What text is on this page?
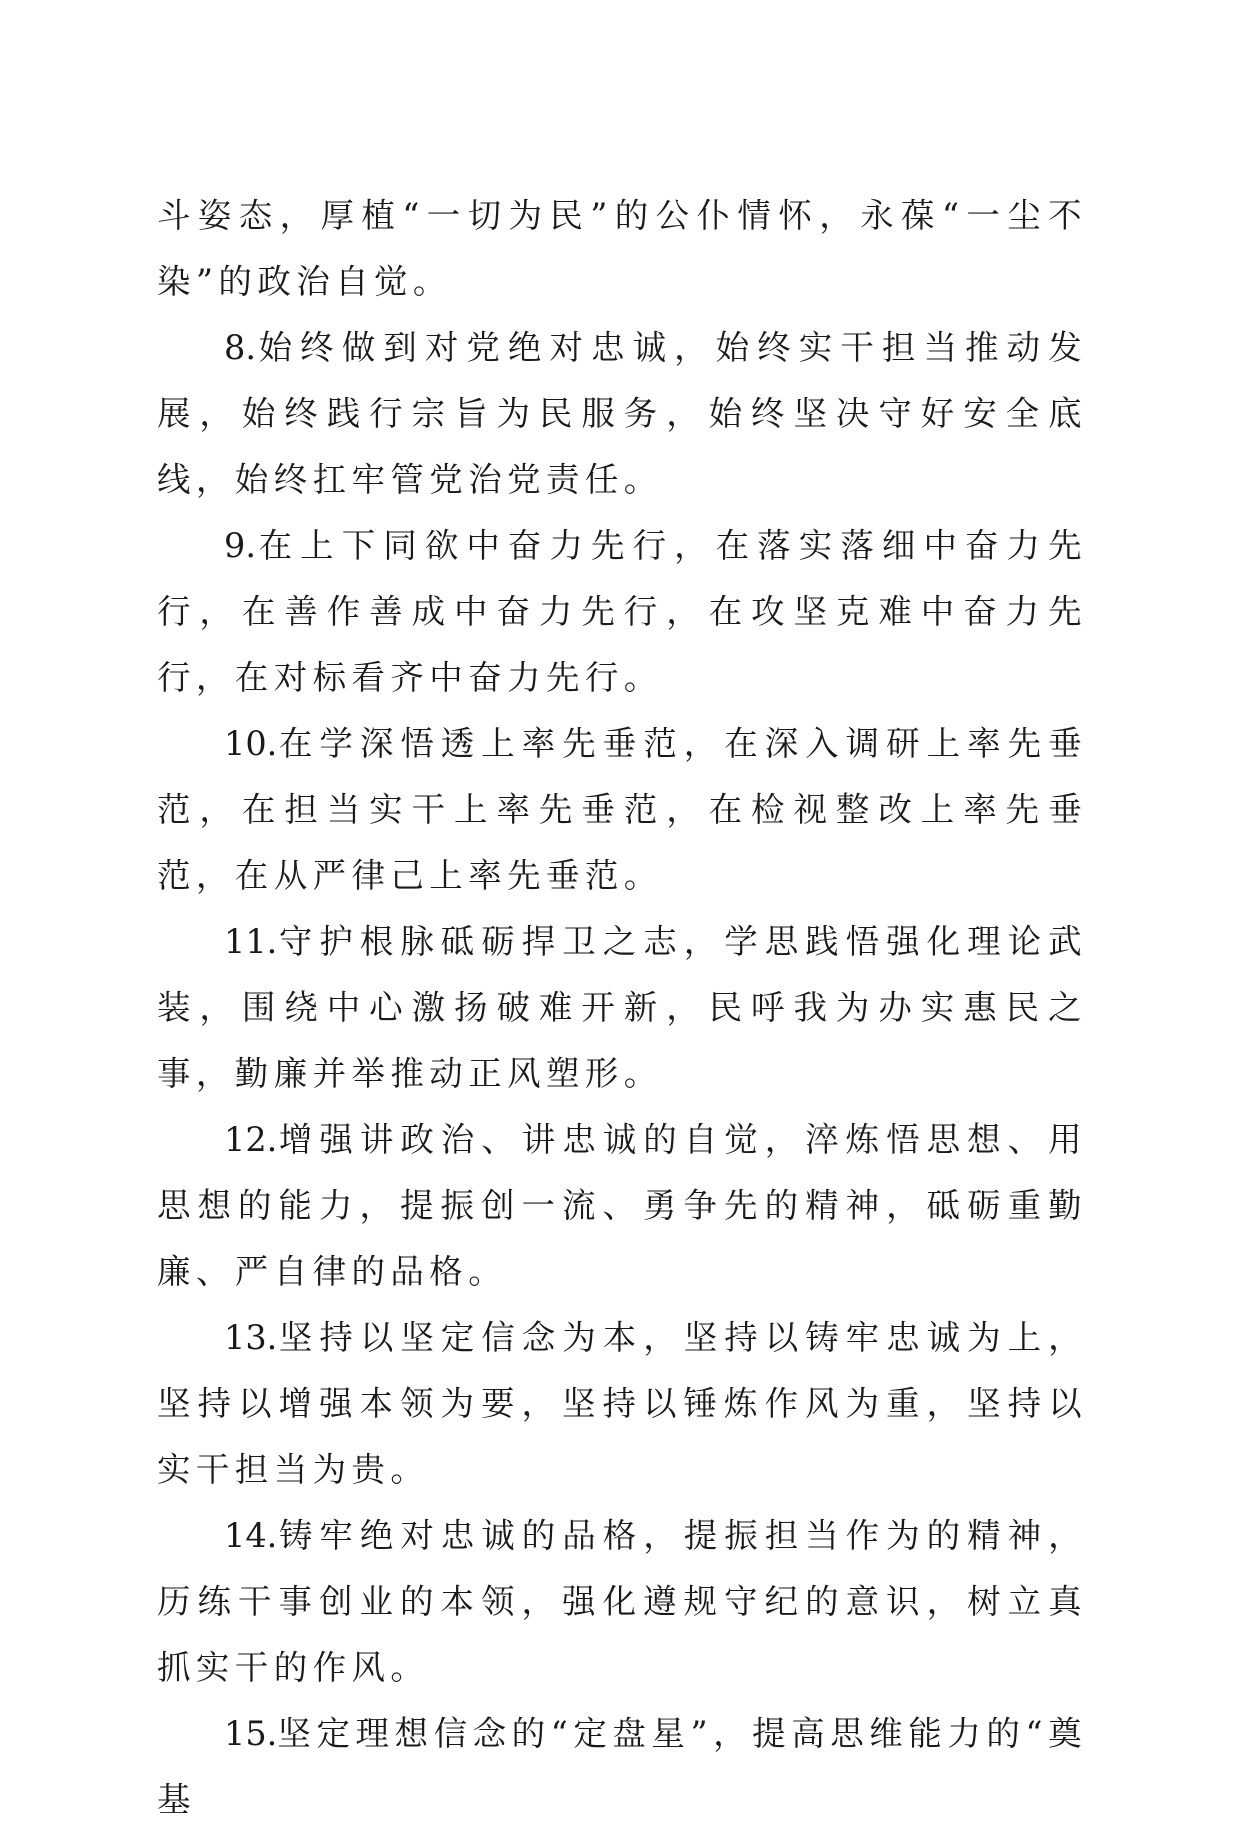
斗姿态，厚植“一切为民”的公仆情怀，永葆“一尘不染”的政治自觉。

8.始终做到对党绝对忠诚，始终实干担当推动发展，始终践行宗旨为民服务，始终坚决守好安全底线，始终扛牢管党治党责任。

9.在上下同欲中奋力先行，在落实落细中奋力先行，在善作善成中奋力先行，在攻坚克难中奋力先行，在对标看齐中奋力先行。

10.在学深悟透上率先垂范，在深入调研上率先垂范，在担当实干上率先垂范，在检视整改上率先垂范，在从严律己上率先垂范。

11.守护根脉砥砺捍卫之志，学思践悟强化理论武装，围绕中心激扬破难开新，民呼我为办实惠民之事，勤廉并举推动正风塑形。

12.增强讲政治、讲忠诚的自觉，淬炼悟思想、用思想的能力，提振创一流、勇争先的精神，砥砺重勤廉、严自律的品格。

13.坚持以坚定信念为本，坚持以铸牢忠诚为上，坚持以增强本领为要，坚持以锤炼作风为重，坚持以实干担当为贵。

14.铸牢绝对忠诚的品格，提振担当作为的精神，历练干事创业的本领，强化遵规守纪的意识，树立真抓实干的作风。

15.坚定理想信念的“定盘星”，提高思维能力的“奠基
